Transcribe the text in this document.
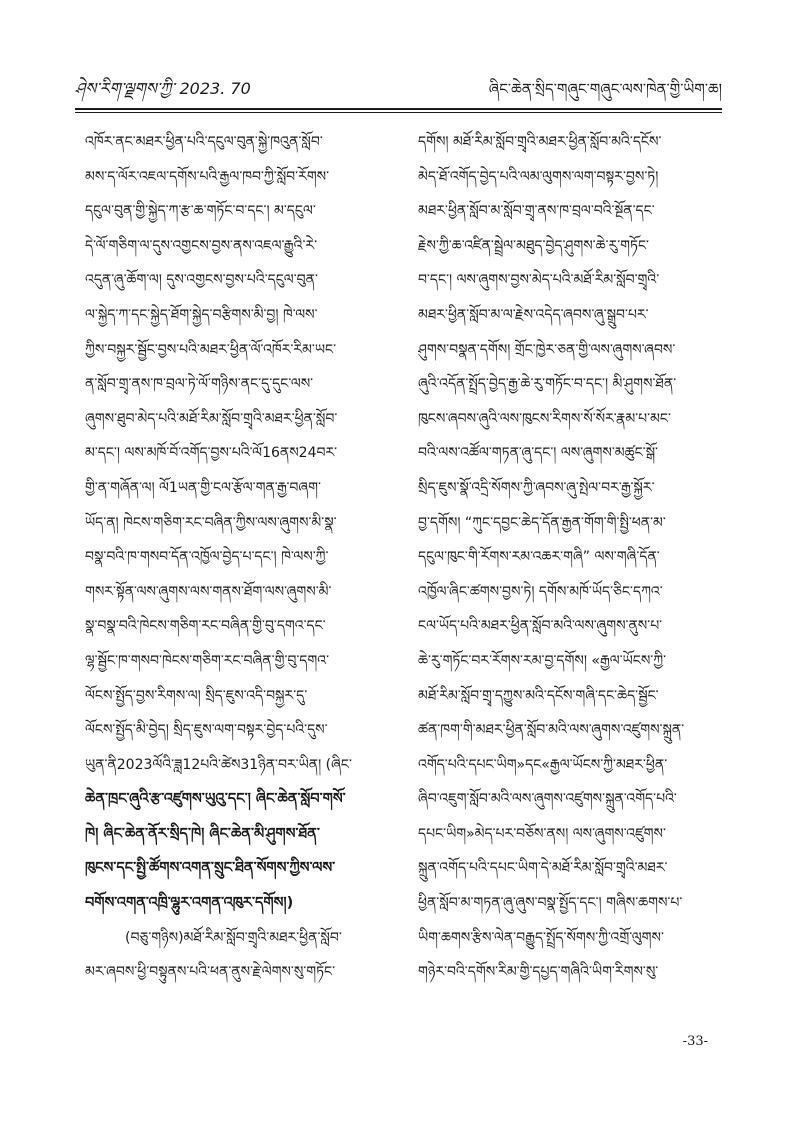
ཤེས་རིག་ལྗགས་ཀྱི་ 2023. 70	ཞིང་ཆེན་སྲིད་གཞུང་གཞུང་ལས་ཁེན་གྱི་ཡིག་ཆ།
འཁོར་ནང་མཐར་ཕྱིན་པའི་དངུལ་བུན་སྐྱེ་ཁའུན་སློབ་
མས་ད་ལོར་འཇལ་དགོས་པའི་རྒྱལ་ཁབ་ཀྱི་སློབ་རོགས་
དངུལ་བུན་གྱི་སྐྱེད་ཀ་རྩ་ཆ་གཏོང་བ་དང་། མ་དངུལ་
དེ་ལོ་གཅིག་ལ་དུས་འགྱངས་བྱས་ནས་འཇལ་རྒྱུའི་རེ་
འདུན་ཞུ་ཆོག་ལ། དུས་འགྱངས་བྱས་པའི་དངུལ་བུན་
ལ་སྐྱེད་ཀ་དང་སྐྱེད་ཐོག་སྐྱེད་བརྩིགས་མི་བྱ། ཁེ་ལས་
ཀྱིས་བསྐྱར་སྦྱོང་བྱས་པའི་མཐར་ཕྱིན་ལོ་འཁོར་རིམ་ཡང་
ན་སློབ་གྲྭ་ནས་ཁ་བྲལ་ཏེ་ལོ་གཉིས་ནང་དུ་དུང་ལས་
ཞུགས་ཐུབ་མེད་པའི་མཐོ་རིམ་སློབ་གྲྭའི་མཐར་ཕྱིན་སློབ་
མ་དང་། ལས་མཁོ་བོ་འགོད་བྱས་པའི་ལོ16ནས24བར་
གྱི་ན་གཞོན་ལ། ལོ1ཡན་གྱི་ངལ་རྩོལ་གན་རྒྱ་བཞག་
ཡོད་ན། ཁེངས་གཅིག་རང་བཞིན་ཀྱིས་ལས་ཞུགས་མི་སྣ་
བསྣ་བའི་ཁ་གསབ་དོན་འཁྱོལ་བྱེད་པ་དང་། ཁེ་ལས་ཀྱི་
གསར་སྟོན་ལས་ཞུགས་ལས་གནས་ཐོག་ལས་ཞུགས་མི་
སྣ་བསྣ་བའི་ཁེངས་གཅིག་རང་བཞིན་གྱི་བུ་དགའ་དང་
ལྷ་སྦྱོང་ཁ་གསབ་ཁེངས་གཅིག་རང་བཞིན་གྱི་བུ་དགའ་
ལོངས་སྤྱོད་བྱས་རིགས་ལ། སྲིད་ཇུས་འདི་བསྐྱར་དུ་
ལོངས་སྤྱོད་མི་བྱེད། སྲིད་ཇུས་ལག་བསྟར་བྱེད་པའི་དུས་
ཡུན་ནི2023ལོའི་ཟླ12པའི་ཚེས31ཉིན་བར་ཡིན། (ཞིང་
ཆེན་ཁྲང་ཞུའི་རྩ་འཛུགས་ཡུའུ་དང་། ཞིང་ཆེན་སློབ་གསོ་
ཁེ། ཞིང་ཆེན་ནོར་སྲིད་ཁེ། ཞིང་ཆེན་མི་ཤུགས་ཐོན་
ཁུངས་དང་སྤྱི་ཚོགས་འགན་སྲུང་ཐིན་སོགས་ཀྱིས་ལས་
བགོས་འགན་འཁྲི་ལྷུར་འགན་འཁུར་དགོས།)
(བཅུ་གཉིས)མཐོ་རིམ་སློབ་གྲྭའི་མཐར་ཕྱིན་སློབ་
མར་ཞབས་ཕྱི་བསྟུནས་པའི་ཕན་ནུས་རྗེ་ལེགས་སུ་གཏོང་
དགོས། མཐོ་རིམ་སློབ་གྲྭའི་མཐར་ཕྱིན་སློབ་མའི་དངོས་
མེད་ཐོ་འགོད་བྱེད་པའི་ལམ་ལུགས་ལག་བསྟར་བྱས་ཏེ།
མཐར་ཕྱིན་སློབ་མ་སློབ་གྲྭ་ནས་ཁ་བྲལ་བའི་སྔོན་དང་
རྗེས་ཀྱི་ཆ་འཛིན་སྦྲེལ་མཐུད་བྱེད་ཤུགས་ཆེ་རུ་གཏོང་
བ་དང་། ལས་ཞུགས་བྱས་མེད་པའི་མཐོ་རིམ་སློབ་གྲྭའི་
མཐར་ཕྱིན་སློབ་མ་ལ་རྗེས་འདེད་ཞབས་ཞུ་སྒྲུབ་པར་
ཤུགས་བསྣན་དགོས། གྲོང་ཁྱེར་ཅན་གྱི་ལས་ཞུགས་ཞབས་
ཞུའི་འདོན་སྤྲོད་བྱེད་རྒྱ་ཆེ་རུ་གཏོང་བ་དང་། མི་ཤུགས་ཐོན་
ཁུངས་ཞབས་ཞུའི་ལས་ཁུངས་རིགས་སོ་སོར་རྣམ་པ་མང་
བའི་ལས་འཚོལ་གཏན་ཞུ་དང་། ལས་ཞུགས་མཚུང་སྒོ་
སྲིད་ཇུས་སྣོ་འདྲི་སོགས་ཀྱི་ཞབས་ཞུ་སྤེལ་བར་རྒྱ་སྐྱོར་
བྱ་དགོས། “ཀུང་དབྱང་ཆེད་དོན་རྒྱན་གོག་གི་སྤྱི་ཕན་མ་
དངུལ་ཁུང་གི་རོགས་རམ་འཆར་གཞི” ལས་གཞི་དོན་
འཁྱོལ་ཞིང་ཚགས་བྱས་ཏེ། དགོས་མཁོ་ཡོད་ཅིང་དཀའ་
ངལ་ཡོད་པའི་མཐར་ཕྱིན་སློབ་མའི་ལས་ཞུགས་ནུས་པ་
ཆེ་རུ་གཏོང་བར་རོགས་རམ་བྱ་དགོས། «རྒྱལ་ཡོངས་ཀྱི་
མཐོ་རིམ་སློབ་གྲྭ་དཀྱུས་མའི་དངོས་གཞི་དང་ཆེད་སྦྱོང་
ཚན་ཁག་གི་མཐར་ཕྱིན་སློབ་མའི་ལས་ཞུགས་འཛུགས་སྐྲུན་
འགོད་པའི་དཔང་ཡིག»དང«རྒྱལ་ཡོངས་ཀྱི་མཐར་ཕྱིན་
ཞིབ་འཇུག་སློབ་མའི་ལས་ཞུགས་འཛུགས་སྐྲུན་འགོད་པའི་
དཔང་ཡིག»མེད་པར་བཅོས་ནས། ལས་ཞུགས་འཛུགས་
སྐྲུན་འགོད་པའི་དཔང་ཡིག་དེ་མཐོ་རིམ་སློབ་གྲྭའི་མཐར་
ཕྱིན་སློབ་མ་གཏན་ཞུ་ཞུས་བསྣ་སྤྱོད་དང་། གཞིས་ཆགས་པ་
ཡིག་ཆགས་རྩིས་ལེན་བརྒྱུད་སྤྲོད་སོགས་ཀྱི་འགྲོ་ལུགས་
གཉེར་བའི་དགོས་རིམ་གྱི་དཔྱད་གཞིའི་ཡིག་རིགས་སུ་
-33-
